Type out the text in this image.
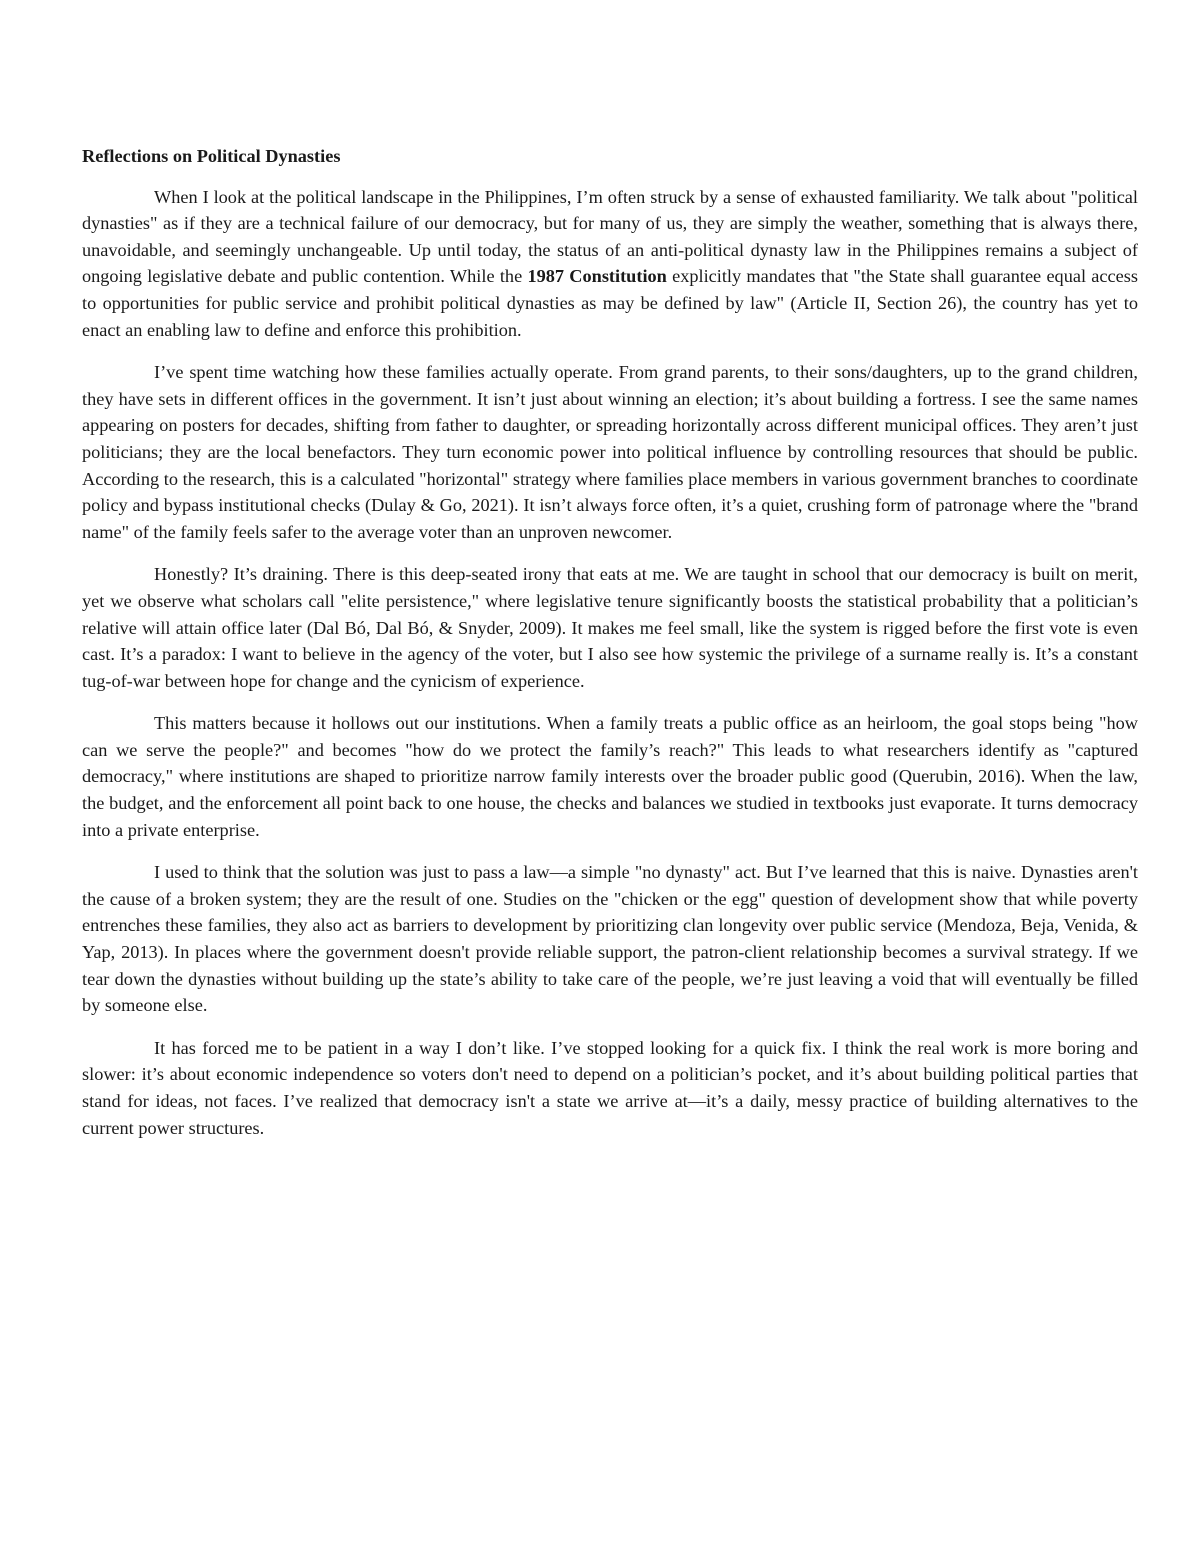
Reflections on Political Dynasties

When I look at the political landscape in the Philippines, I’m often struck by a sense of exhausted familiarity. We talk about "political dynasties" as if they are a technical failure of our democracy, but for many of us, they are simply the weather, something that is always there, unavoidable, and seemingly unchangeable. Up until today, the status of an anti-political dynasty law in the Philippines remains a subject of ongoing legislative debate and public contention. While the 1987 Constitution explicitly mandates that "the State shall guarantee equal access to opportunities for public service and prohibit political dynasties as may be defined by law" (Article II, Section 26), the country has yet to enact an enabling law to define and enforce this prohibition.

I’ve spent time watching how these families actually operate. From grand parents, to their sons/daughters, up to the grand children, they have sets in different offices in the government. It isn’t just about winning an election; it’s about building a fortress. I see the same names appearing on posters for decades, shifting from father to daughter, or spreading horizontally across different municipal offices. They aren’t just politicians; they are the local benefactors. They turn economic power into political influence by controlling resources that should be public. According to the research, this is a calculated "horizontal" strategy where families place members in various government branches to coordinate policy and bypass institutional checks (Dulay & Go, 2021). It isn’t always force often, it’s a quiet, crushing form of patronage where the "brand name" of the family feels safer to the average voter than an unproven newcomer.

Honestly? It’s draining. There is this deep-seated irony that eats at me. We are taught in school that our democracy is built on merit, yet we observe what scholars call "elite persistence," where legislative tenure significantly boosts the statistical probability that a politician’s relative will attain office later (Dal Bó, Dal Bó, & Snyder, 2009). It makes me feel small, like the system is rigged before the first vote is even cast. It’s a paradox: I want to believe in the agency of the voter, but I also see how systemic the privilege of a surname really is. It’s a constant tug-of-war between hope for change and the cynicism of experience.

This matters because it hollows out our institutions. When a family treats a public office as an heirloom, the goal stops being "how can we serve the people?" and becomes "how do we protect the family’s reach?" This leads to what researchers identify as "captured democracy," where institutions are shaped to prioritize narrow family interests over the broader public good (Querubin, 2016). When the law, the budget, and the enforcement all point back to one house, the checks and balances we studied in textbooks just evaporate. It turns democracy into a private enterprise.

I used to think that the solution was just to pass a law—a simple "no dynasty" act. But I’ve learned that this is naive. Dynasties aren't the cause of a broken system; they are the result of one. Studies on the "chicken or the egg" question of development show that while poverty entrenches these families, they also act as barriers to development by prioritizing clan longevity over public service (Mendoza, Beja, Venida, & Yap, 2013). In places where the government doesn't provide reliable support, the patron-client relationship becomes a survival strategy. If we tear down the dynasties without building up the state’s ability to take care of the people, we’re just leaving a void that will eventually be filled by someone else.

It has forced me to be patient in a way I don’t like. I’ve stopped looking for a quick fix. I think the real work is more boring and slower: it’s about economic independence so voters don't need to depend on a politician’s pocket, and it’s about building political parties that stand for ideas, not faces. I’ve realized that democracy isn't a state we arrive at—it’s a daily, messy practice of building alternatives to the current power structures.
